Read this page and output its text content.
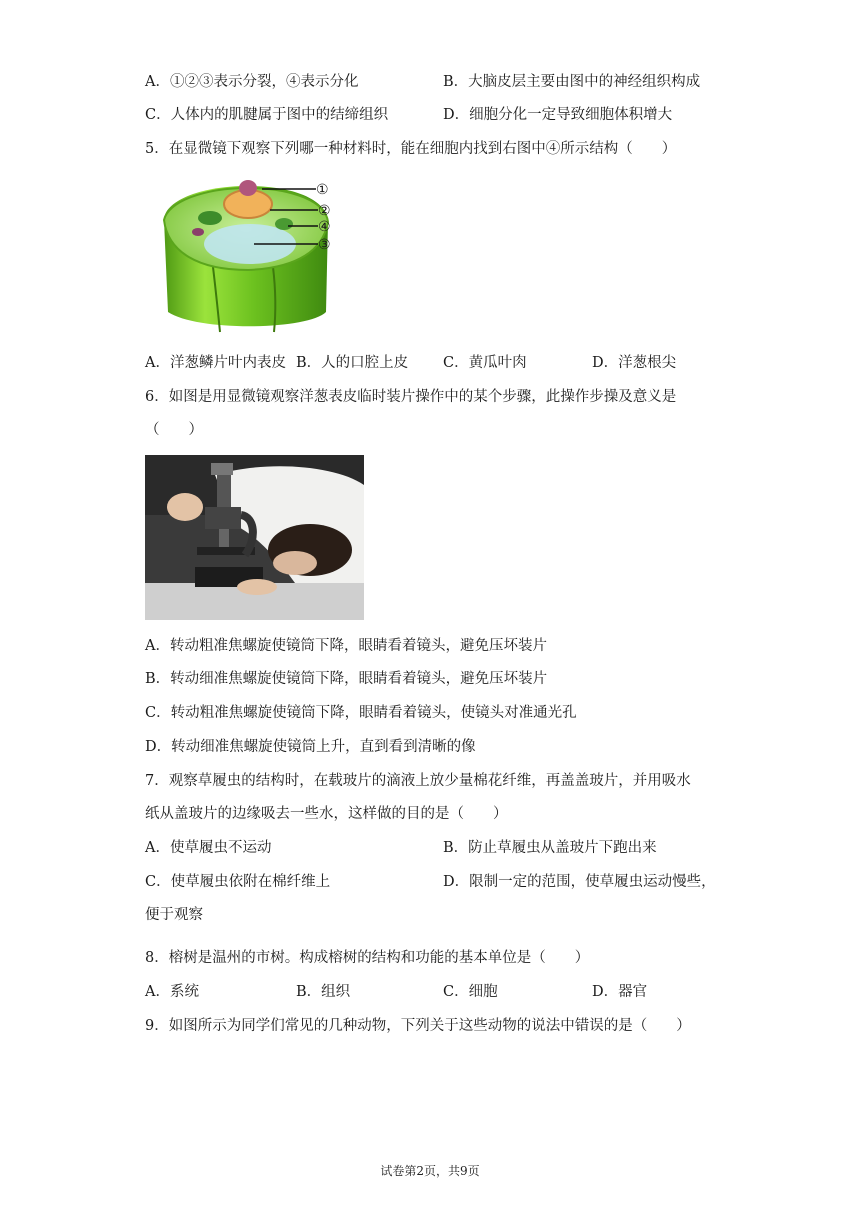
A．①②③表示分裂，④表示分化	B．大脑皮层主要由图中的神经组织构成
C．人体内的肌腱属于图中的结缔组织	D．细胞分化一定导致细胞体积增大
5．在显微镜下观察下列哪一种材料时，能在细胞内找到右图中④所示结构（　　）
①
②
④
③
A．洋葱鳞片叶内表皮 B．人的口腔上皮 C．黄瓜叶肉	D．洋葱根尖
6．如图是用显微镜观察洋葱表皮临时装片操作中的某个步骤，此操作步操及意义是
（　　）
A．转动粗准焦螺旋使镜筒下降，眼睛看着镜头，避免压坏装片
B．转动细准焦螺旋使镜筒下降，眼睛看着镜头，避免压坏装片
C．转动粗准焦螺旋使镜筒下降，眼睛看着镜头，使镜头对准通光孔
D．转动细准焦螺旋使镜筒上升，直到看到清晰的像
7．观察草履虫的结构时，在载玻片的滴液上放少量棉花纤维，再盖盖玻片，并用吸水
纸从盖玻片的边缘吸去一些水，这样做的目的是（　　）
A．使草履虫不运动	B．防止草履虫从盖玻片下跑出来
C．使草履虫依附在棉纤维上	D．限制一定的范围，使草履虫运动慢些，
便于观察
8．榕树是温州的市树。构成榕树的结构和功能的基本单位是（　　）
A．系统	B．组织	C．细胞	D．器官
9．如图所示为同学们常见的几种动物，下列关于这些动物的说法中错误的是（　　）
试卷第2页，共9页
